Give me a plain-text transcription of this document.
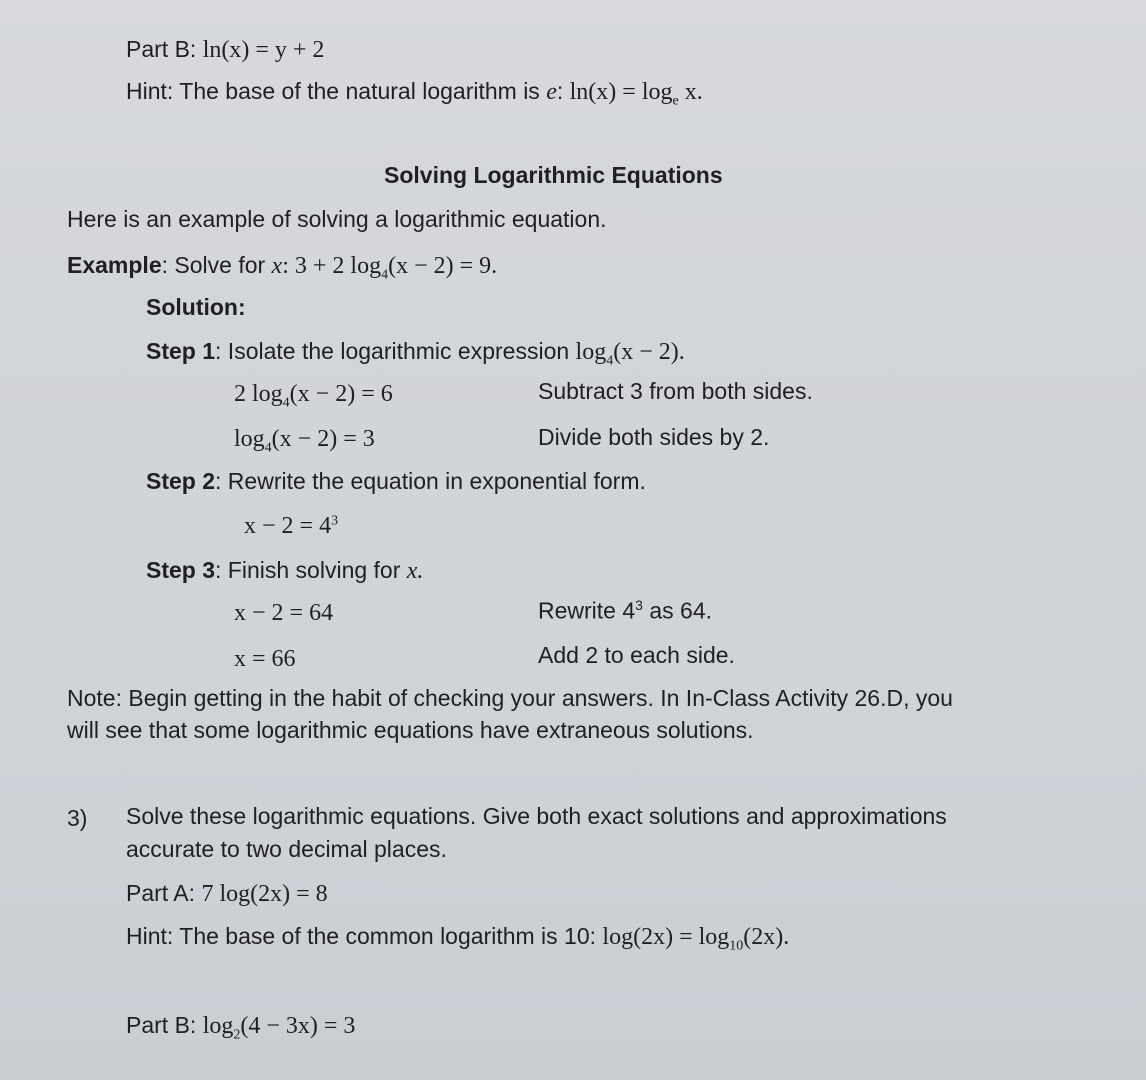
Part B: ln(x) = y + 2
Hint: The base of the natural logarithm is e: $\ln(x) = \log_e x$.
Solving Logarithmic Equations
Here is an example of solving a logarithmic equation.
Example: Solve for x: 3 + 2 $\log_4(x - 2) = 9$.
Solution:
Step 1: Isolate the logarithmic expression $\log_4(x - 2)$.
2 $\log_4(x - 2) = 6$	Subtract 3 from both sides.
$\log_4(x - 2) = 3$	Divide both sides by 2.
Step 2: Rewrite the equation in exponential form.
$x - 2 = 4^3$
Step 3: Finish solving for x.
x − 2 = 64	Rewrite $4^3$ as 64.
x = 66	Add 2 to each side.
Note: Begin getting in the habit of checking your answers. In In-Class Activity 26.D, you
will see that some logarithmic equations have extraneous solutions.
3) Solve these logarithmic equations. Give both exact solutions and approximations
accurate to two decimal places.
Part A: 7 log(2x) = 8
Hint: The base of the common logarithm is 10: $\log(2x) = \log_{10}(2x)$.
Part B: $\log_2(4 - 3x) = 3$
